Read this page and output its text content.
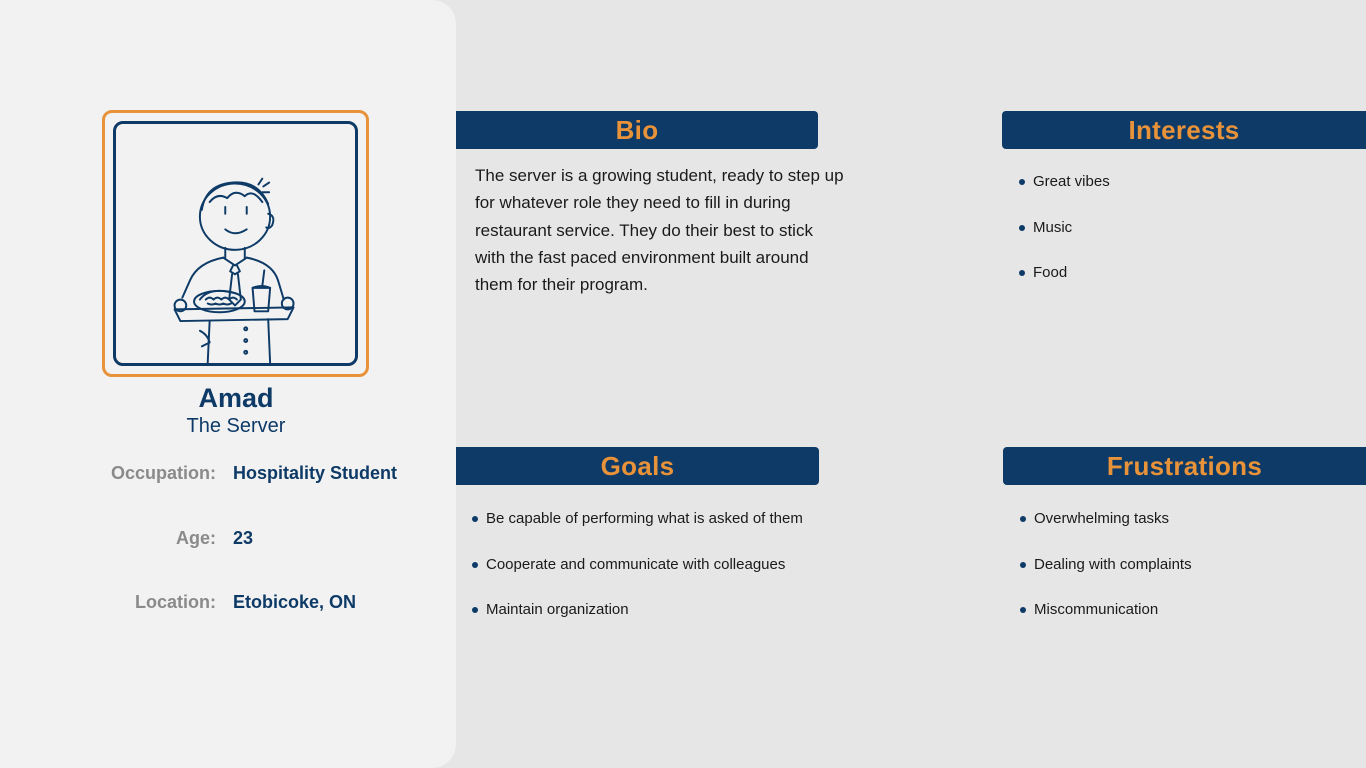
Amad
The Server
Occupation: Hospitality Student
Age: 23
Location: Etobicoke, ON
Bio

The server is a growing student, ready to step up for whatever role they need to fill in during restaurant service. They do their best to stick with the fast paced environment built around them for their program.

Interests
Great vibes
Music
Food
Goals
Be capable of performing what is asked of them
Cooperate and communicate with colleagues
Maintain organization
Frustrations
Overwhelming tasks
Dealing with complaints
Miscommunication
